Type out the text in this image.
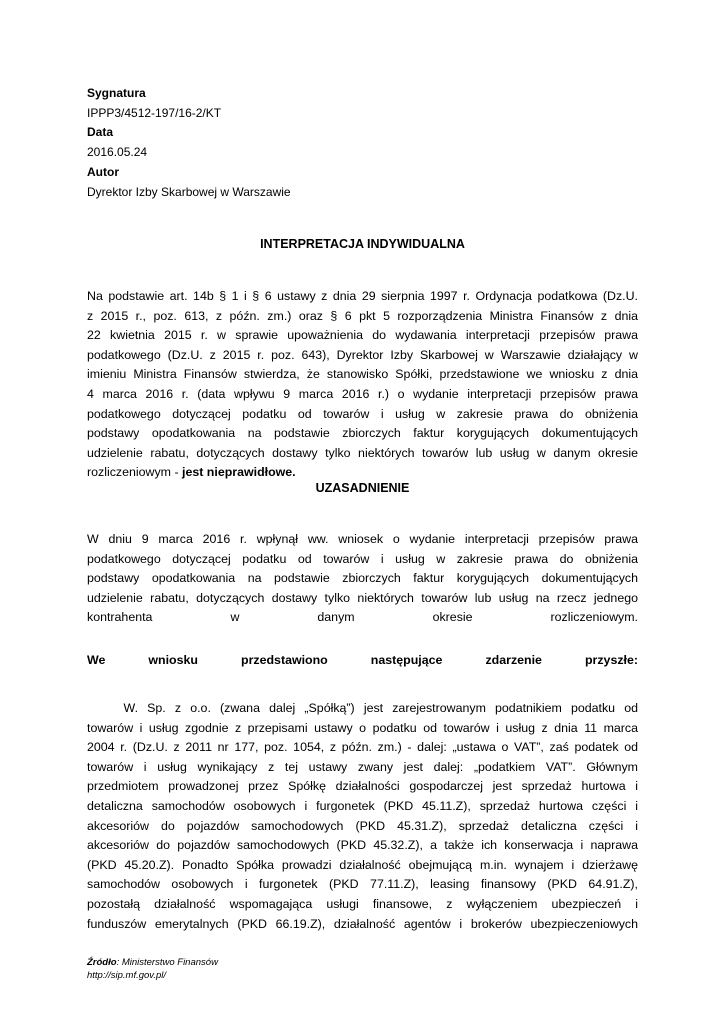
Sygnatura
IPPP3/4512-197/16-2/KT
Data
2016.05.24
Autor
Dyrektor Izby Skarbowej w Warszawie
INTERPRETACJA INDYWIDUALNA
Na podstawie art. 14b § 1 i § 6 ustawy z dnia 29 sierpnia 1997 r. Ordynacja podatkowa (Dz.U.
z 2015 r., poz. 613, z późn. zm.) oraz § 6 pkt 5 rozporządzenia Ministra Finansów z dnia
22 kwietnia 2015 r. w sprawie upoważnienia do wydawania interpretacji przepisów prawa
podatkowego (Dz.U. z 2015 r. poz. 643), Dyrektor Izby Skarbowej w Warszawie działający w
imieniu Ministra Finansów stwierdza, że stanowisko Spółki, przedstawione we wniosku z dnia
4 marca 2016 r. (data wpływu 9 marca 2016 r.) o wydanie interpretacji przepisów prawa
podatkowego dotyczącej podatku od towarów i usług w zakresie prawa do obniżenia
podstawy opodatkowania na podstawie zbiorczych faktur korygujących dokumentujących
udzielenie rabatu, dotyczących dostawy tylko niektórych towarów lub usług w danym okresie
rozliczeniowym - jest nieprawidłowe.
UZASADNIENIE
W dniu 9 marca 2016 r. wpłynął ww. wniosek o wydanie interpretacji przepisów prawa
podatkowego dotyczącej podatku od towarów i usług w zakresie prawa do obniżenia
podstawy opodatkowania na podstawie zbiorczych faktur korygujących dokumentujących
udzielenie rabatu, dotyczących dostawy tylko niektórych towarów lub usług na rzecz jednego
kontrahenta w danym okresie rozliczeniowym.
We wniosku przedstawiono następujące zdarzenie przyszłe:
W. Sp. z o.o. (zwana dalej „Spółką”) jest zarejestrowanym podatnikiem podatku od
towarów i usług zgodnie z przepisami ustawy o podatku od towarów i usług z dnia 11 marca
2004 r. (Dz.U. z 2011 nr 177, poz. 1054, z późn. zm.) - dalej: „ustawa o VAT”, zaś podatek od
towarów i usług wynikający z tej ustawy zwany jest dalej: „podatkiem VAT”. Głównym
przedmiotem prowadzonej przez Spółkę działalności gospodarczej jest sprzedaż hurtowa i
detaliczna samochodów osobowych i furgonetek (PKD 45.11.Z), sprzedaż hurtowa części i
akcesoriów do pojazdów samochodowych (PKD 45.31.Z), sprzedaż detaliczna części i
akcesoriów do pojazdów samochodowych (PKD 45.32.Z), a także ich konserwacja i naprawa
(PKD 45.20.Z). Ponadto Spółka prowadzi działalność obejmującą m.in. wynajem i dzierżawę
samochodów osobowych i furgonetek (PKD 77.11.Z), leasing finansowy (PKD 64.91.Z),
pozostałą działalność wspomagająca usługi finansowe, z wyłączeniem ubezpieczeń i
funduszów emerytalnych (PKD 66.19.Z), działalność agentów i brokerów ubezpieczeniowych
Źródło: Ministerstwo Finansów
http://sip.mf.gov.pl/
